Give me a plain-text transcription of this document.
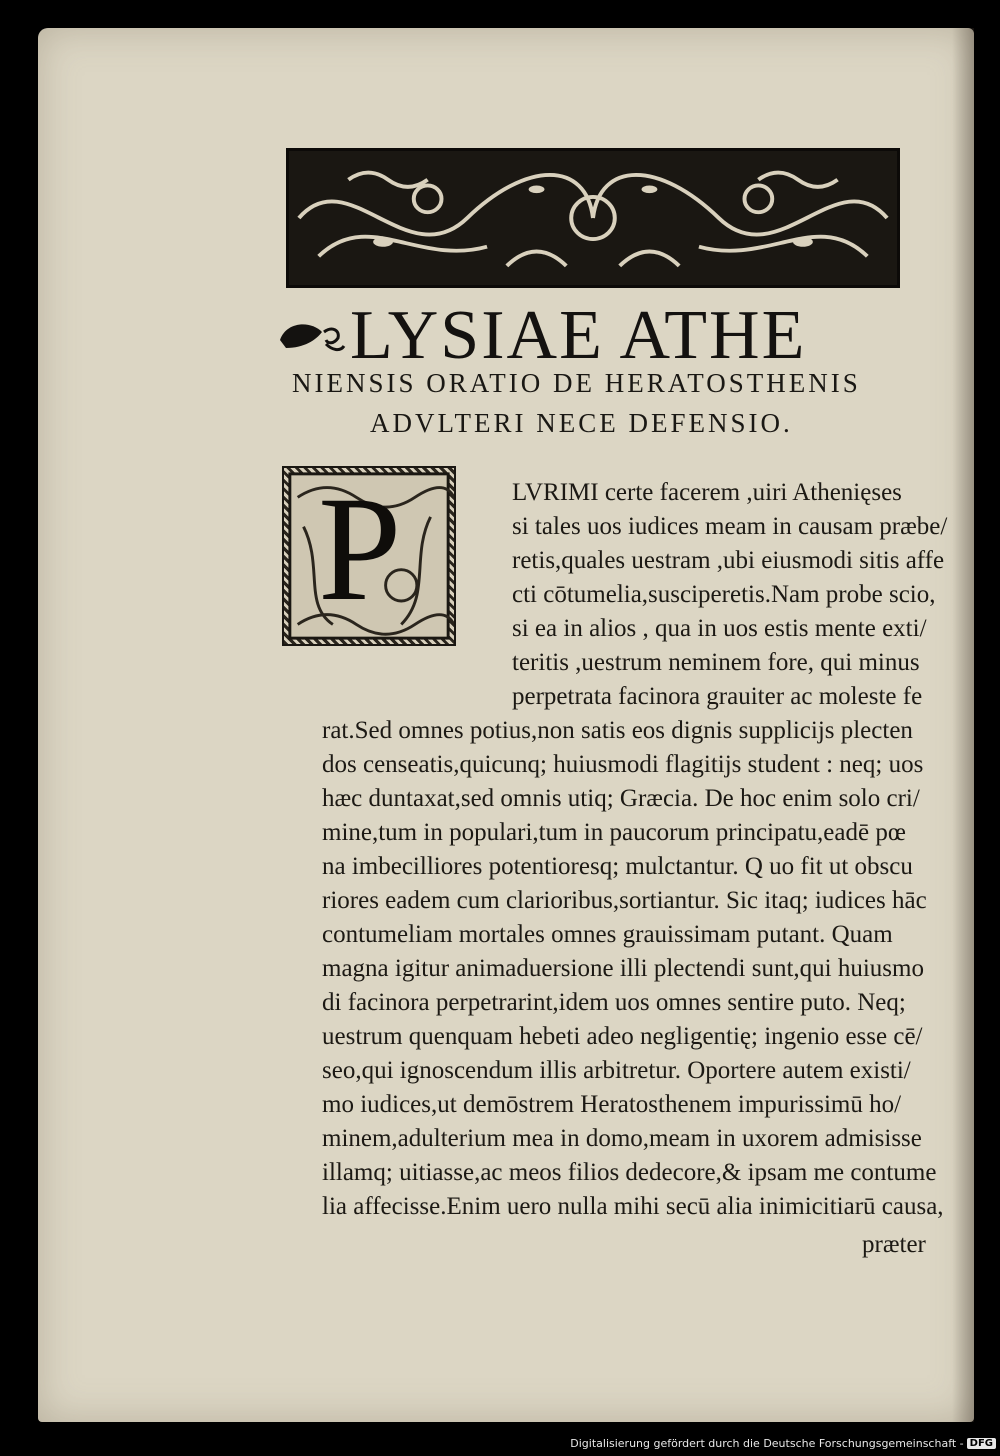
LYSIAE ATHE
NIENSIS ORATIO DE HERATOSTHENIS
ADVLTERI NECE DEFENSIO.
P	LVRIMI certe facerem ,uiri Athenięses
si tales uos iudices meam in causam præbe/
retis,quales uestram ,ubi eiusmodi sitis affe
cti cōtumelia,susciperetis.Nam probe scio,
si ea in alios , qua in uos estis mente exti/
teritis ,uestrum neminem fore, qui minus
perpetrata facinora grauiter ac moleste fe
rat.Sed omnes potius,non satis eos dignis supplicijs plecten
dos censeatis,quicunq; huiusmodi flagitijs student : neq; uos
hæc duntaxat,sed omnis utiq; Græcia. De hoc enim solo cri/
mine,tum in populari,tum in paucorum principatu,eadē pœ
na imbecilliores potentioresq; mulctantur. Q uo fit ut obscu
riores eadem cum clarioribus,sortiantur. Sic itaq; iudices hāc
contumeliam mortales omnes grauissimam putant. Quam
magna igitur animaduersione illi plectendi sunt,qui huiusmo
di facinora perpetrarint,idem uos omnes sentire puto. Neq;
uestrum quenquam hebeti adeo negligentię; ingenio esse cē/
seo,qui ignoscendum illis arbitretur. Oportere autem existi/
mo iudices,ut demōstrem Heratosthenem impurissimū ho/
minem,adulterium mea in domo,meam in uxorem admisisse
illamq; uitiasse,ac meos filios dedecore,& ipsam me contume
lia affecisse.Enim uero nulla mihi secū alia inimicitiarū causa,
præter
Digitalisierung gefördert durch die Deutsche Forschungsgemeinschaft - DFG
